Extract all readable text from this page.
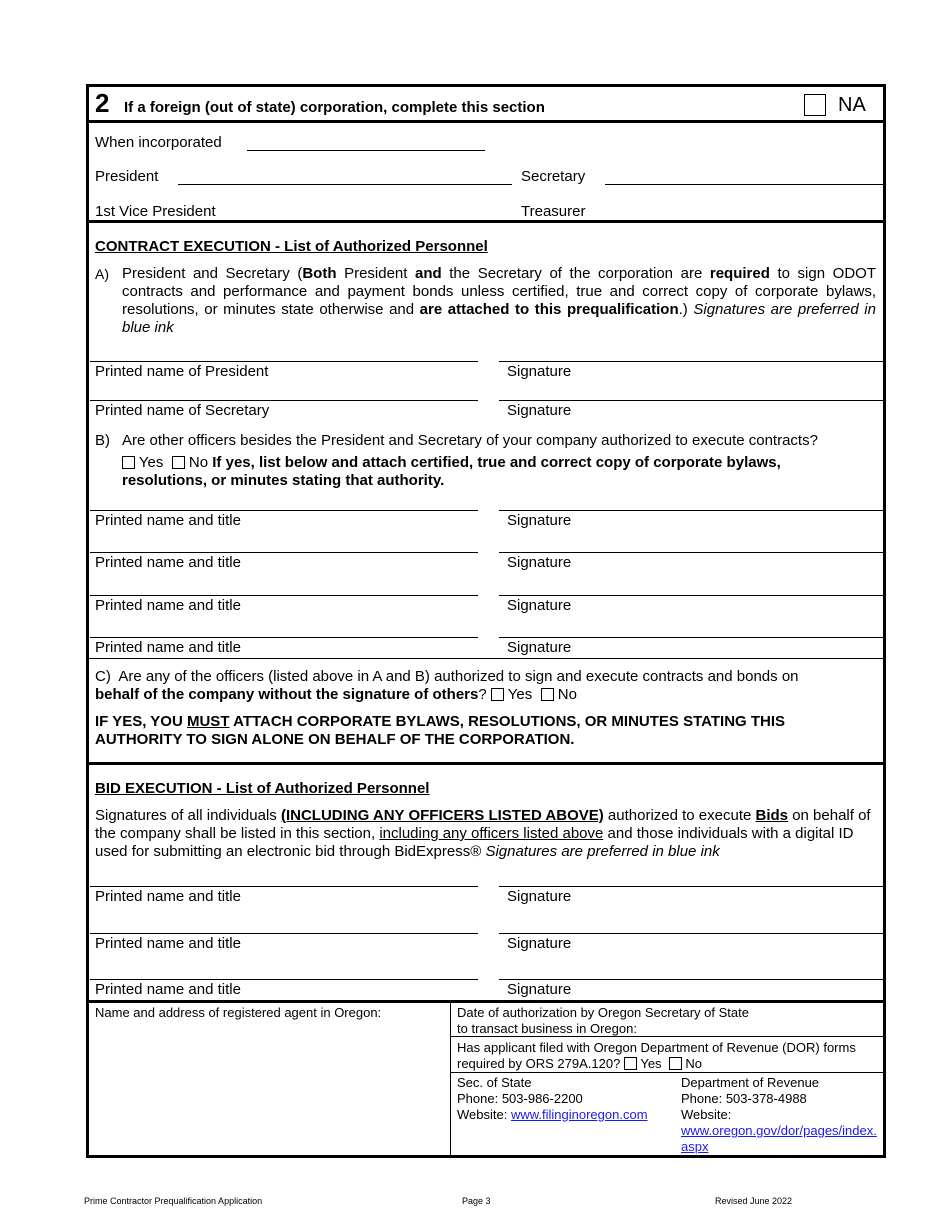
2 If a foreign (out of state) corporation, complete this section	NA
When incorporated
President	Secretary
1st Vice President	Treasurer
CONTRACT EXECUTION - List of Authorized Personnel
A) President and Secretary (Both President and the Secretary of the corporation are required to sign ODOT contracts and performance and payment bonds unless certified, true and correct copy of corporate bylaws, resolutions, or minutes state otherwise and are attached to this prequalification.) Signatures are preferred in blue ink
Printed name of President	Signature
Printed name of Secretary	Signature
B) Are other officers besides the President and Secretary of your company authorized to execute contracts?
Yes No If yes, list below and attach certified, true and correct copy of corporate bylaws, resolutions, or minutes stating that authority.
Printed name and title	Signature
Printed name and title	Signature
Printed name and title	Signature
Printed name and title	Signature
C) Are any of the officers (listed above in A and B) authorized to sign and execute contracts and bonds on
behalf of the company without the signature of others? Yes No
IF YES, YOU MUST ATTACH CORPORATE BYLAWS, RESOLUTIONS, OR MINUTES STATING THIS AUTHORITY TO SIGN ALONE ON BEHALF OF THE CORPORATION.
BID EXECUTION - List of Authorized Personnel
Signatures of all individuals (INCLUDING ANY OFFICERS LISTED ABOVE) authorized to execute Bids on behalf of the company shall be listed in this section, including any officers listed above and those individuals with a digital ID used for submitting an electronic bid through BidExpress® Signatures are preferred in blue ink
Printed name and title	Signature
Printed name and title	Signature
Printed name and title	Signature
Name and address of registered agent in Oregon:	Date of authorization by Oregon Secretary of State to transact business in Oregon:
Has applicant filed with Oregon Department of Revenue (DOR) forms required by ORS 279A.120? Yes No
Sec. of State
Phone: 503-986-2200
Website: www.filinginoregon.com
Department of Revenue
Phone: 503-378-4988
Website:
www.oregon.gov/dor/pages/index.aspx
Prime Contractor Prequalification Application	Page 3	Revised June 2022
